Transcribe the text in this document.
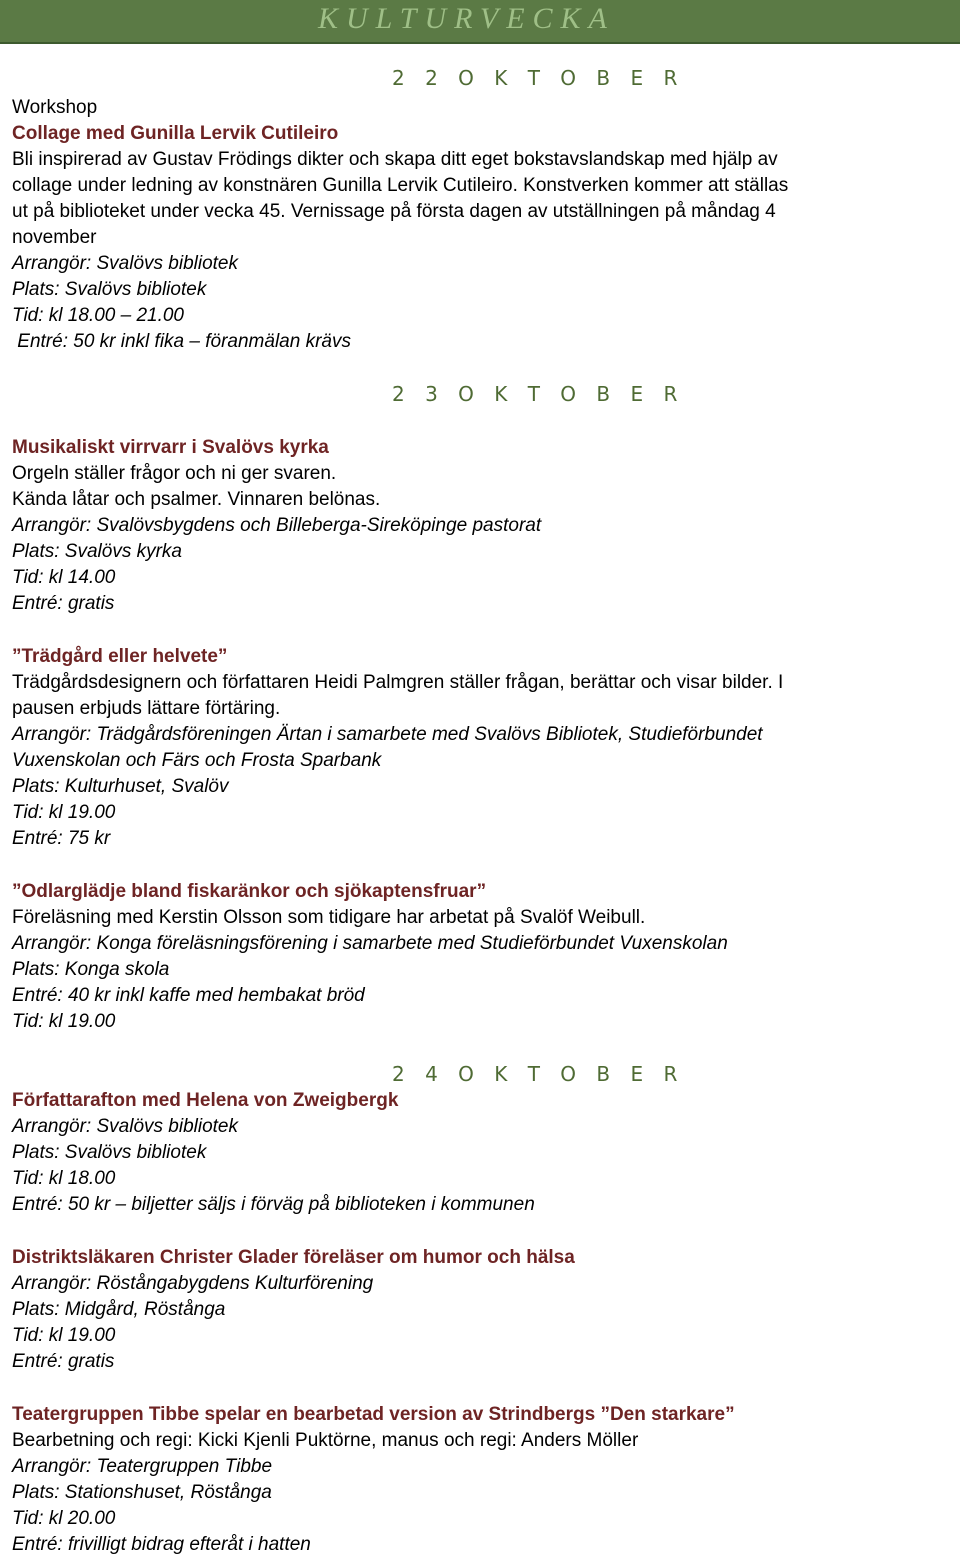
KULTURVECKA
2 2 O K T O B E R
Workshop
Collage med Gunilla Lervik Cutileiro
Bli inspirerad av Gustav Frödings dikter och skapa ditt eget bokstavslandskap med hjälp av
collage under ledning av konstnären Gunilla Lervik Cutileiro. Konstverken kommer att ställas
ut på biblioteket under vecka 45. Vernissage på första dagen av utställningen på måndag 4
november
Arrangör: Svalövs bibliotek
Plats: Svalövs bibliotek
Tid: kl 18.00 – 21.00
Entré: 50 kr inkl fika – föranmälan krävs
2 3 O K T O B E R
Musikaliskt virrvarr i Svalövs kyrka
Orgeln ställer frågor och ni ger svaren.
Kända låtar och psalmer. Vinnaren belönas.
Arrangör: Svalövsbygdens och Billeberga-Sireköpinge pastorat
Plats: Svalövs kyrka
Tid: kl 14.00
Entré: gratis
”Trädgård eller helvete”
Trädgårdsdesignern och författaren Heidi Palmgren ställer frågan, berättar och visar bilder. I
pausen erbjuds lättare förtäring.
Arrangör: Trädgårdsföreningen Ärtan i samarbete med Svalövs Bibliotek, Studieförbundet
Vuxenskolan och Färs och Frosta Sparbank
Plats: Kulturhuset, Svalöv
Tid: kl 19.00
Entré: 75 kr
”Odlarglädje bland fiskaränkor och sjökaptensfruar”
Föreläsning med Kerstin Olsson som tidigare har arbetat på Svalöf Weibull.
Arrangör: Konga föreläsningsförening i samarbete med Studieförbundet Vuxenskolan
Plats: Konga skola
Entré: 40 kr inkl kaffe med hembakat bröd
Tid: kl 19.00
2 4 O K T O B E R
Författarafton med Helena von Zweigbergk
Arrangör: Svalövs bibliotek
Plats: Svalövs bibliotek
Tid: kl 18.00
Entré: 50 kr – biljetter säljs i förväg på biblioteken i kommunen
Distriktsläkaren Christer Glader föreläser om humor och hälsa
Arrangör: Röstångabygdens Kulturförening
Plats: Midgård, Röstånga
Tid: kl 19.00
Entré: gratis
Teatergruppen Tibbe spelar en bearbetad version av Strindbergs ”Den starkare”
Bearbetning och regi: Kicki Kjenli Puktörne, manus och regi: Anders Möller
Arrangör: Teatergruppen Tibbe
Plats: Stationshuset, Röstånga
Tid: kl 20.00
Entré: frivilligt bidrag efteråt i hatten
